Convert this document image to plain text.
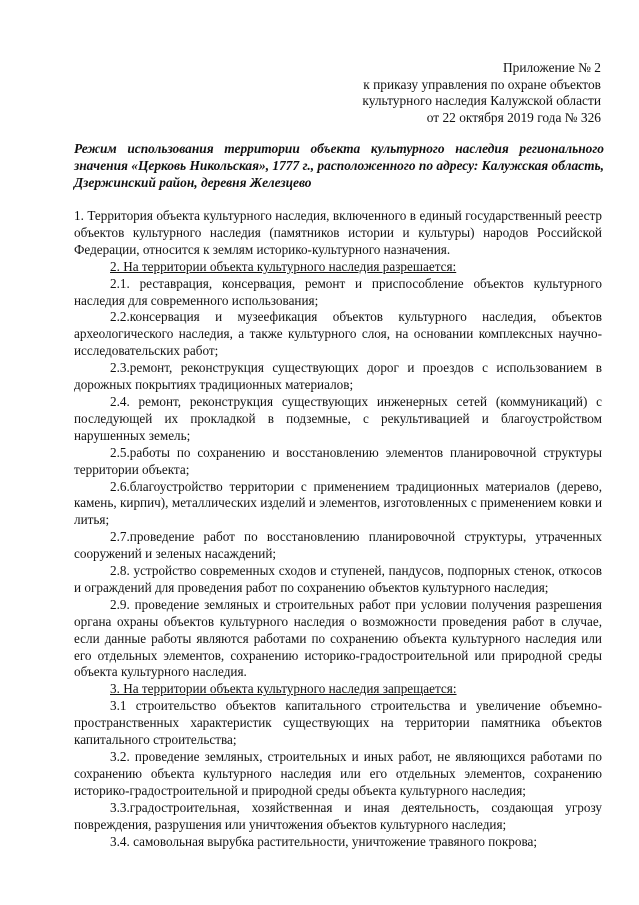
Приложение № 2
к приказу управления по охране объектов
культурного наследия Калужской области
от 22 октября 2019 года № 326
Режим использования территории объекта культурного наследия регионального значения «Церковь Никольская», 1777 г., расположенного по адресу: Калужская область, Дзержинский район, деревня Железцево

1. Территория объекта культурного наследия, включенного в единый государственный реестр объектов культурного наследия (памятников истории и культуры) народов Российской Федерации, относится к землям историко-культурного назначения.

2. На территории объекта культурного наследия разрешается:

2.1. реставрация, консервация, ремонт и приспособление объектов культурного наследия для современного использования;

2.2.консервация и музеефикация объектов культурного наследия, объектов археологического наследия, а также культурного слоя, на основании комплексных научно-исследовательских работ;

2.3.ремонт, реконструкция существующих дорог и проездов с использованием в дорожных покрытиях традиционных материалов;

2.4. ремонт, реконструкция существующих инженерных сетей (коммуникаций) с последующей их прокладкой в подземные, с рекультивацией и благоустройством нарушенных земель;

2.5.работы по сохранению и восстановлению элементов планировочной структуры территории объекта;

2.6.благоустройство территории с применением традиционных материалов (дерево, камень, кирпич), металлических изделий и элементов, изготовленных с применением ковки и литья;

2.7.проведение работ по восстановлению планировочной структуры, утраченных сооружений и зеленых насаждений;

2.8. устройство современных сходов и ступеней, пандусов, подпорных стенок, откосов и ограждений для проведения работ по сохранению объектов культурного наследия;

2.9. проведение земляных и строительных работ при условии получения разрешения органа охраны объектов культурного наследия о возможности проведения работ в случае, если данные работы являются работами по сохранению объекта культурного наследия или его отдельных элементов, сохранению историко-градостроительной или природной среды объекта культурного наследия.

3. На территории объекта культурного наследия запрещается:

3.1 строительство объектов капитального строительства и увеличение объемно-пространственных характеристик существующих на территории памятника объектов капитального строительства;

3.2. проведение земляных, строительных и иных работ, не являющихся работами по сохранению объекта культурного наследия или его отдельных элементов, сохранению историко-градостроительной и природной среды объекта культурного наследия;

3.3.градостроительная, хозяйственная и иная деятельность, создающая угрозу повреждения, разрушения или уничтожения объектов культурного наследия;

3.4. самовольная вырубка растительности, уничтожение травяного покрова;
